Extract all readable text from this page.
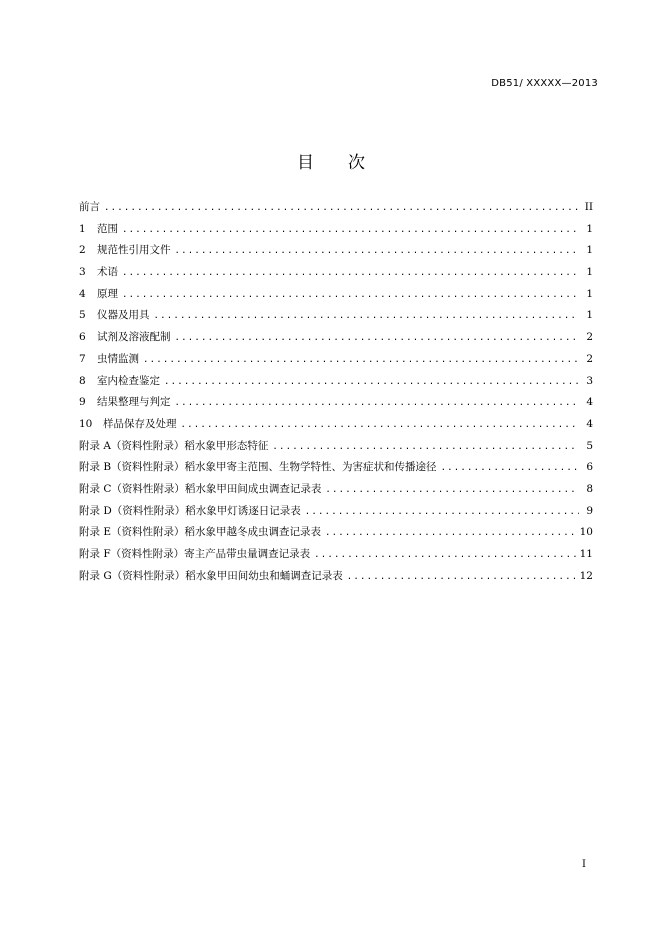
DB51/ XXXXX—2013
目 次
前言 .....	II
1	范围 .....	1
2	规范性引用文件 .....	1
3	术语 .....	1
4	原理 .....	1
5	仪器及用具 .....	1
6	试剂及溶液配制 .....	2
7	虫情监测 .....	2
8	室内检查鉴定 .....	3
9	结果整理与判定 .....	4
10	样品保存及处理 .....	4
附录 A（资料性附录） 稻水象甲形态特征 .....	5
附录 B（资料性附录） 稻水象甲寄主范围、生物学特性、为害症状和传播途径 .....	6
附录 C（资料性附录） 稻水象甲田间成虫调查记录表 .....	8
附录 D（资料性附录） 稻水象甲灯诱逐日记录表 .....	9
附录 E（资料性附录） 稻水象甲越冬成虫调查记录表 .....	10
附录 F（资料性附录） 寄主产品带虫量调查记录表 .....	11
附录 G（资料性附录） 稻水象甲田间幼虫和蛹调查记录表 .....	12
I
